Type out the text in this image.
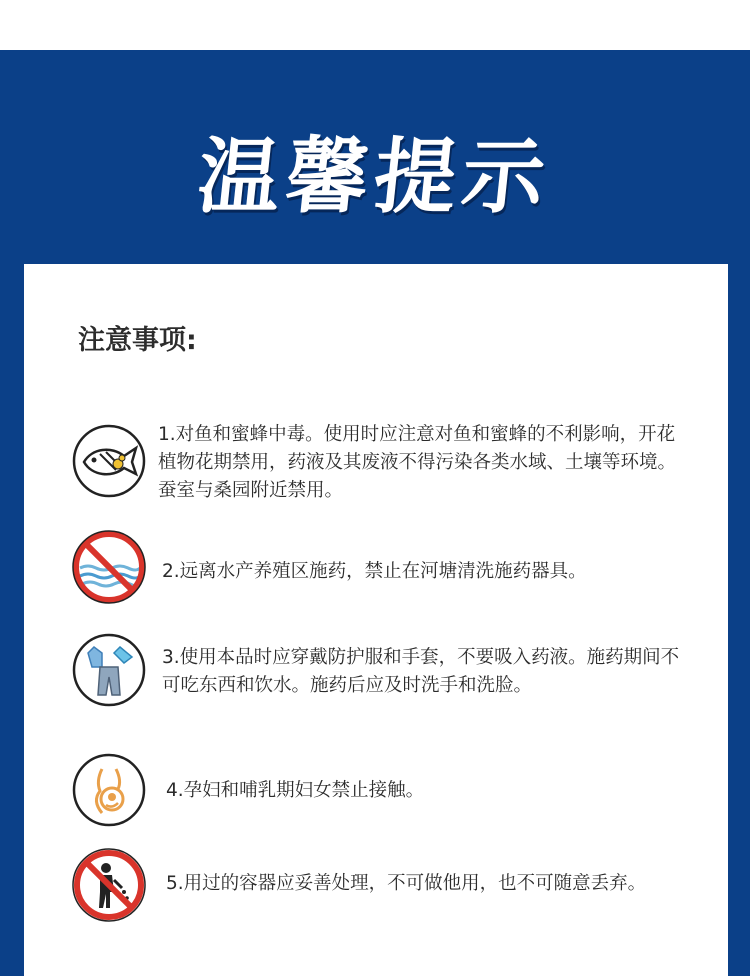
温馨提示
注意事项:
1.对鱼和蜜蜂中毒。使用时应注意对鱼和蜜蜂的不利影响，开花植物花期禁用，药液及其废液不得污染各类水域、土壤等环境。蚕室与桑园附近禁用。
2.远离水产养殖区施药，禁止在河塘清洗施药器具。
3.使用本品时应穿戴防护服和手套，不要吸入药液。施药期间不可吃东西和饮水。施药后应及时洗手和洗脸。
4.孕妇和哺乳期妇女禁止接触。
5.用过的容器应妥善处理，不可做他用，也不可随意丢弃。
